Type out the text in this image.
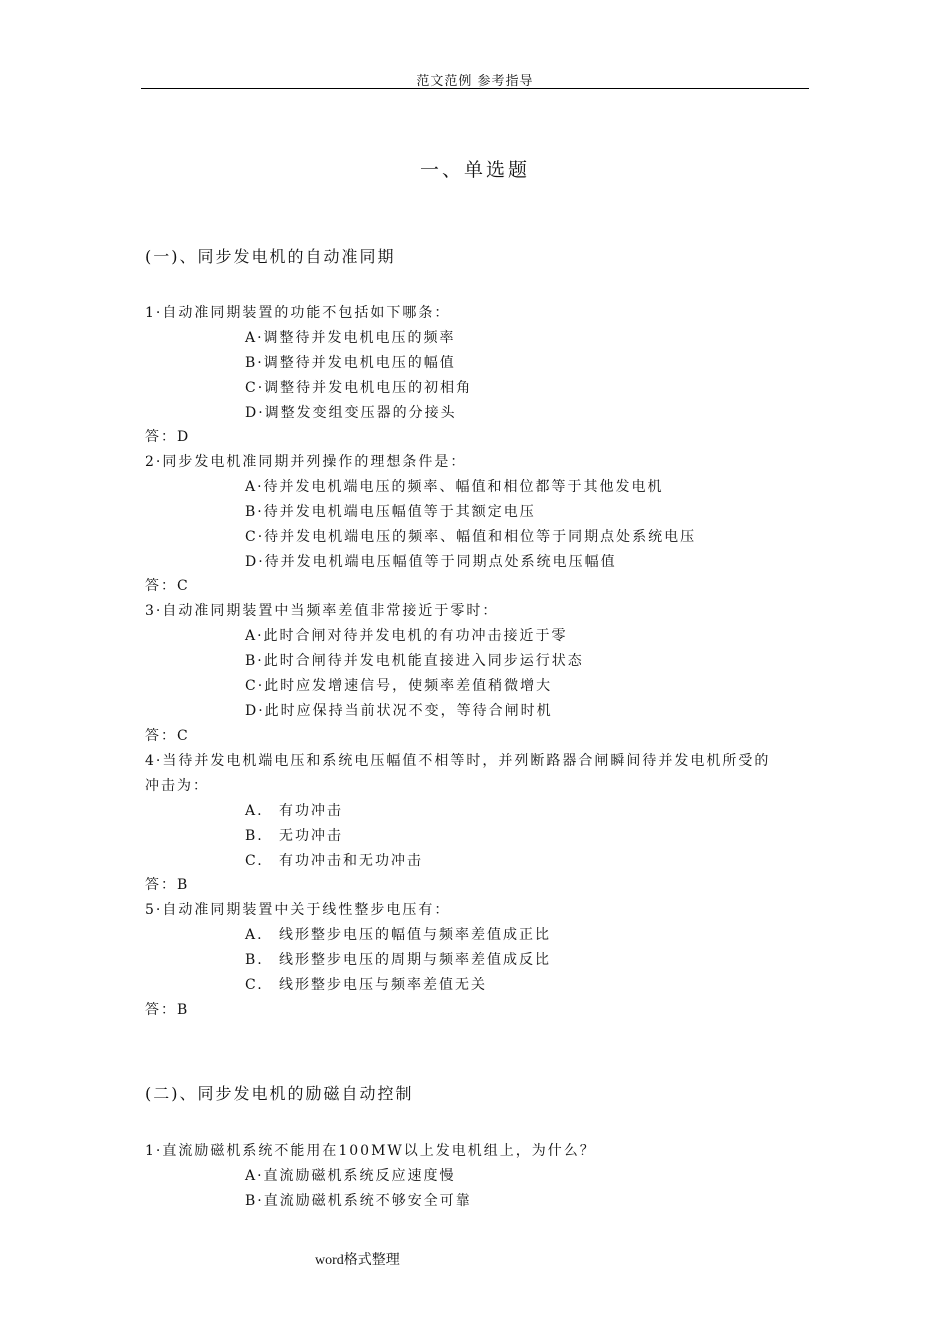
范文范例 参考指导
一、单选题
(一)、同步发电机的自动准同期
1·自动准同期装置的功能不包括如下哪条：
A·调整待并发电机电压的频率
B·调整待并发电机电压的幅值
C·调整待并发电机电压的初相角
D·调整发变组变压器的分接头
答：D
2·同步发电机准同期并列操作的理想条件是：
A·待并发电机端电压的频率、幅值和相位都等于其他发电机
B·待并发电机端电压幅值等于其额定电压
C·待并发电机端电压的频率、幅值和相位等于同期点处系统电压
D·待并发电机端电压幅值等于同期点处系统电压幅值
答：C
3·自动准同期装置中当频率差值非常接近于零时：
A·此时合闸对待并发电机的有功冲击接近于零
B·此时合闸待并发电机能直接进入同步运行状态
C·此时应发增速信号，使频率差值稍微增大
D·此时应保持当前状况不变，等待合闸时机
答：C
4·当待并发电机端电压和系统电压幅值不相等时，并列断路器合闸瞬间待并发电机所受的
冲击为：
A. 有功冲击
B. 无功冲击
C. 有功冲击和无功冲击
答：B
5·自动准同期装置中关于线性整步电压有：
A. 线形整步电压的幅值与频率差值成正比
B. 线形整步电压的周期与频率差值成反比
C. 线形整步电压与频率差值无关
答：B
(二)、同步发电机的励磁自动控制
1·直流励磁机系统不能用在100MW以上发电机组上，为什么？
A·直流励磁机系统反应速度慢
B·直流励磁机系统不够安全可靠
word格式整理
